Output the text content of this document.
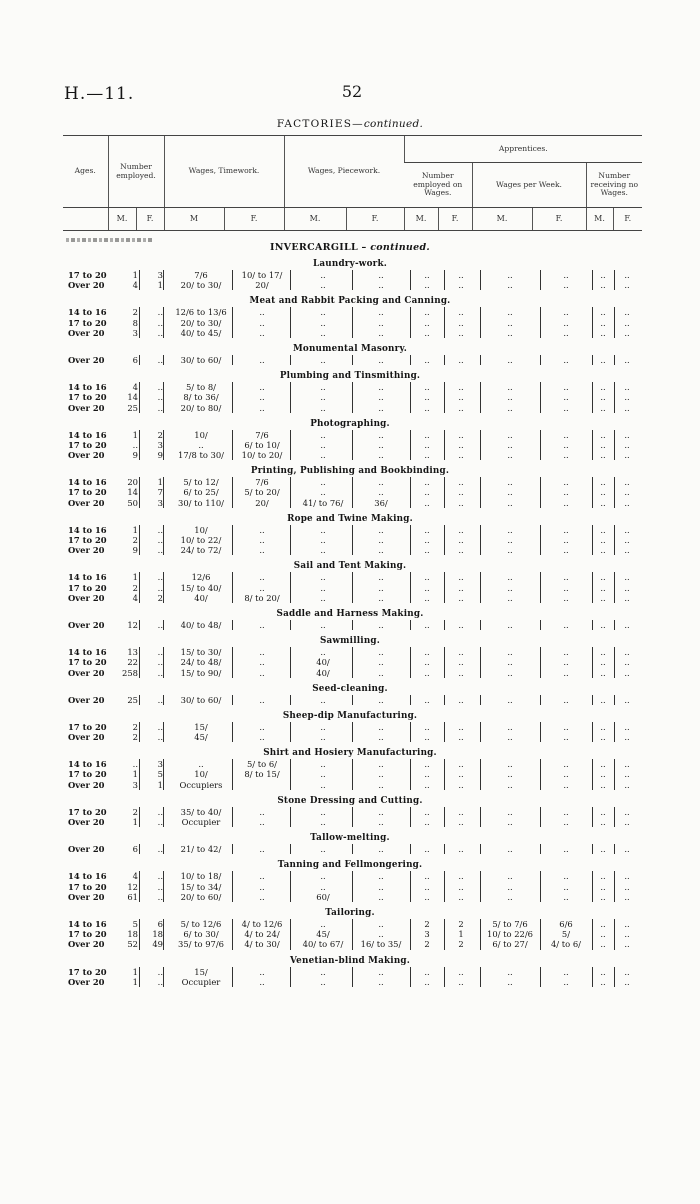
H.—11.	52
FACTORIES—continued.
Ages.	Number employed.		Wages, Timework.		Wages, Piecework.		Apprentices.					
							Number employed on Wages.		Wages per Week.		Number receiving no Wages.	
	M.	F.	M	F.	M.	F.	M.	F.	M.	F.	M.	F.
INVERCARGILL – continued.
Laundry-work.
17 to 20	1	3	7/6	10/ to 17/	..	..	..	..	..	..	..	..
Over 20	4	1	20/ to 30/	20/	..	..	..	..	..	..	..	..
Meat and Rabbit Packing and Canning.
14 to 16	2	..	12/6 to 13/6	..	..	..	..	..	..	..	..	..
17 to 20	8	..	20/ to 30/	..	..	..	..	..	..	..	..	..
Over 20	3	..	40/ to 45/	..	..	..	..	..	..	..	..	..
Monumental Masonry.
Over 20	6	..	30/ to 60/	..	..	..	..	..	..	..	..	..
Plumbing and Tinsmithing.
14 to 16	4	..	5/ to 8/	..	..	..	..	..	..	..	..	..
17 to 20	14	..	8/ to 36/	..	..	..	..	..	..	..	..	..
Over 20	25	..	20/ to 80/	..	..	..	..	..	..	..	..	..
Photographing.
14 to 16	1	2	10/	7/6	..	..	..	..	..	..	..	..
17 to 20	..	3	..	6/ to 10/	..	..	..	..	..	..	..	..
Over 20	9	9	17/8 to 30/	10/ to 20/	..	..	..	..	..	..	..	..
Printing, Publishing and Bookbinding.
14 to 16	20	1	5/ to 12/	7/6	..	..	..	..	..	..	..	..
17 to 20	14	7	6/ to 25/	5/ to 20/	..	..	..	..	..	..	..	..
Over 20	50	3	30/ to 110/	20/	41/ to 76/	36/	..	..	..	..	..	..
Rope and Twine Making.
14 to 16	1	..	10/	..	..	..	..	..	..	..	..	..
17 to 20	2	..	10/ to 22/	..	..	..	..	..	..	..	..	..
Over 20	9	..	24/ to 72/	..	..	..	..	..	..	..	..	..
Sail and Tent Making.
14 to 16	1	..	12/6	..	..	..	..	..	..	..	..	..
17 to 20	2	..	15/ to 40/	..	..	..	..	..	..	..	..	..
Over 20	4	2	40/	8/ to 20/	..	..	..	..	..	..	..	..
Saddle and Harness Making.
Over 20	12	..	40/ to 48/	..	..	..	..	..	..	..	..	..
Sawmilling.
14 to 16	13	..	15/ to 30/	..	..	..	..	..	..	..	..	..
17 to 20	22	..	24/ to 48/	..	40/	..	..	..	..	..	..	..
Over 20	258	..	15/ to 90/	..	40/	..	..	..	..	..	..	..
Seed-cleaning.
Over 20	25	..	30/ to 60/	..	..	..	..	..	..	..	..	..
Sheep-dip Manufacturing.
17 to 20	2	..	15/	..	..	..	..	..	..	..	..	..
Over 20	2	..	45/	..	..	..	..	..	..	..	..	..
Shirt and Hosiery Manufacturing.
14 to 16	..	3	..	5/ to 6/	..	..	..	..	..	..	..	..
17 to 20	1	5	10/	8/ to 15/	..	..	..	..	..	..	..	..
Over 20	3	1	Occupiers	..	..	..	..	..	..	..	..
Stone Dressing and Cutting.
17 to 20	2	..	35/ to 40/	..	..	..	..	..	..	..	..	..
Over 20	1	..	Occupier	..	..	..	..	..	..	..	..	..
Tallow-melting.
Over 20	6	..	21/ to 42/	..	..	..	..	..	..	..	..	..
Tanning and Fellmongering.
14 to 16	4	..	10/ to 18/	..	..	..	..	..	..	..	..	..
17 to 20	12	..	15/ to 34/	..	..	..	..	..	..	..	..	..
Over 20	61	..	20/ to 60/	..	60/	..	..	..	..	..	..	..
Tailoring.
14 to 16	5	6	5/ to 12/6	4/ to 12/6	..	..	2	2	5/ to 7/6	6/6	..	..
17 to 20	18	18	6/ to 30/	4/ to 24/	45/	..	3	1	10/ to 22/6	5/	..	..
Over 20	52	49	35/ to 97/6	4/ to 30/	40/ to 67/	16/ to 35/	2	2	6/ to 27/	4/ to 6/	..	..
Venetian-blind Making.
17 to 20	1	..	15/	..	..	..	..	..	..	..	..	..
Over 20	1	..	Occupier	..	..	..	..	..	..	..	..	..
